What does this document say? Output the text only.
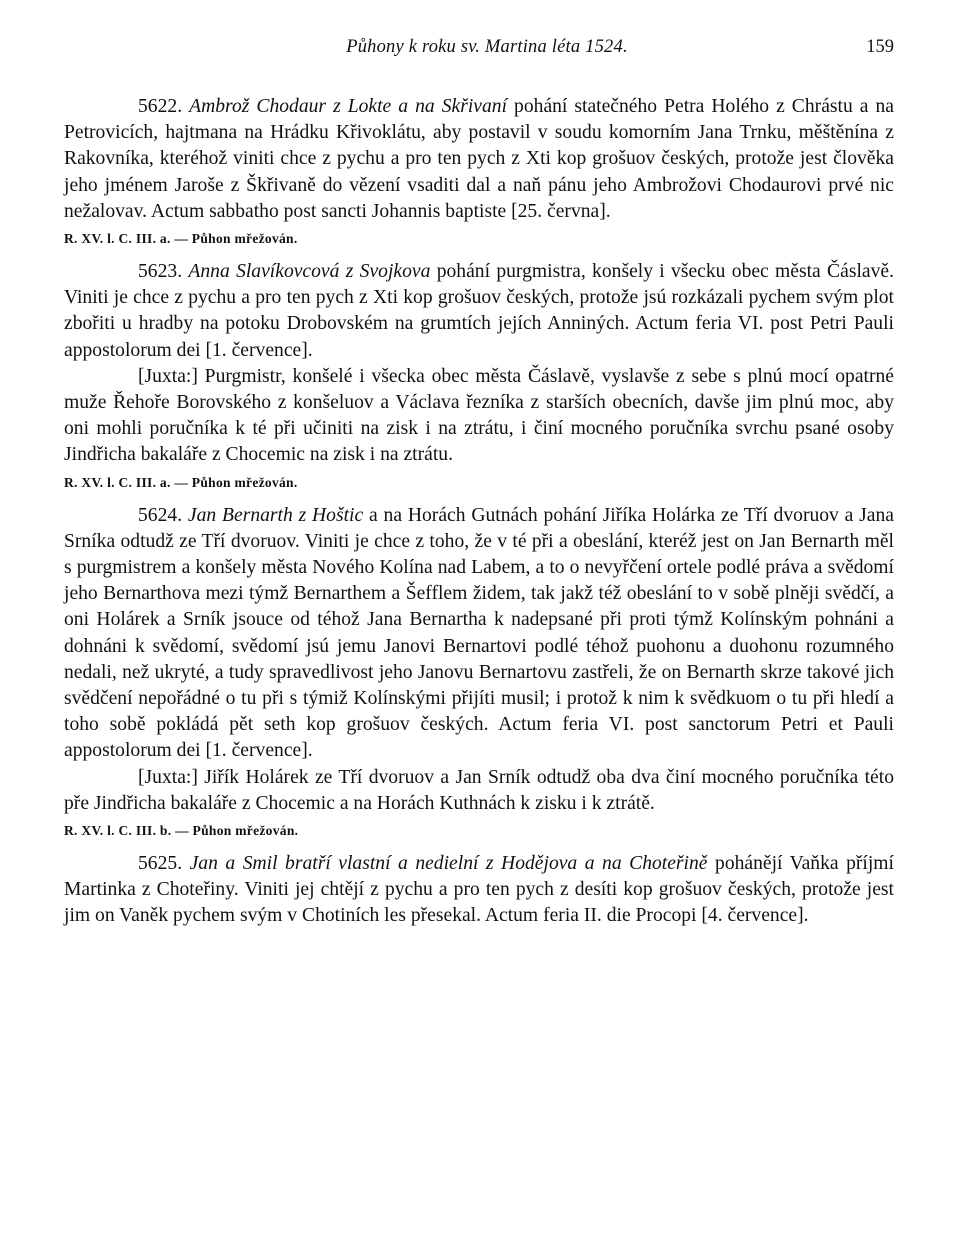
Půhony k roku sv. Martina léta 1524.	159

5622. Ambrož Chodaur z Lokte a na Skřivaní pohání statečného Petra Holého z Chrástu a na Petrovicích, hajtmana na Hrádku Křivoklátu, aby postavil v soudu komorním Jana Trnku, měštěnína z Rakovníka, kteréhož viniti chce z pychu a pro ten pych z Xti kop grošuov českých, protože jest člověka jeho jménem Jaroše z Škřivaně do vězení vsaditi dal a naň pánu jeho Ambrožovi Chodaurovi prvé nic nežalovav. Actum sabbatho post sancti Johannis baptiste [25. června].

R. XV. l. C. III. a. — Půhon mřežován.

5623. Anna Slavíkovcová z Svojkova pohání purgmistra, konšely i všecku obec města Čáslavě. Viniti je chce z pychu a pro ten pych z Xti kop grošuov českých, protože jsú rozkázali pychem svým plot zbořiti u hradby na potoku Drobovském na grumtích jejích Anniných. Actum feria VI. post Petri Pauli appostolorum dei [1. července].

[Juxta:] Purgmistr, konšelé i všecka obec města Čáslavě, vyslavše z sebe s plnú mocí opatrné muže Řehoře Borovského z konšeluov a Václava řezníka z starších obecních, davše jim plnú moc, aby oni mohli poručníka k té při učiniti na zisk i na ztrátu, i činí mocného poručníka svrchu psané osoby Jindřicha bakaláře z Chocemic na zisk i na ztrátu.

R. XV. l. C. III. a. — Půhon mřežován.

5624. Jan Bernarth z Hoštic a na Horách Gutnách pohání Jiříka Holárka ze Tří dvoruov a Jana Srníka odtudž ze Tří dvoruov. Viniti je chce z toho, že v té při a obeslání, kteréž jest on Jan Bernarth měl s purgmistrem a konšely města Nového Kolína nad Labem, a to o nevyřčení ortele podlé práva a svědomí jeho Bernarthova mezi týmž Bernarthem a Šefflem židem, tak jakž též obeslání to v sobě plněji svědčí, a oni Holárek a Srník jsouce od téhož Jana Bernartha k nadepsané při proti týmž Kolínským pohnáni a dohnáni k svědomí, svědomí jsú jemu Janovi Bernartovi podlé téhož puohonu a duohonu rozumného nedali, než ukryté, a tudy spravedlivost jeho Janovu Bernartovu zastřeli, že on Bernarth skrze takové jich svědčení nepořádné o tu při s týmiž Kolínskými přijíti musil; i protož k nim k svědkuom o tu při hledí a toho sobě pokládá pět seth kop grošuov českých. Actum feria VI. post sanctorum Petri et Pauli appostolorum dei [1. července].

[Juxta:] Jiřík Holárek ze Tří dvoruov a Jan Srník odtudž oba dva činí mocného poručníka této pře Jindřicha bakaláře z Chocemic a na Horách Kuthnách k zisku i k ztrátě.

R. XV. l. C. III. b. — Půhon mřežován.

5625. Jan a Smil bratří vlastní a nedielní z Hodějova a na Choteřině pohánějí Vaňka příjmí Martinka z Choteřiny. Viniti jej chtějí z pychu a pro ten pych z desíti kop grošuov českých, protože jest jim on Vaněk pychem svým v Chotiních les přesekal. Actum feria II. die Procopi [4. července].
